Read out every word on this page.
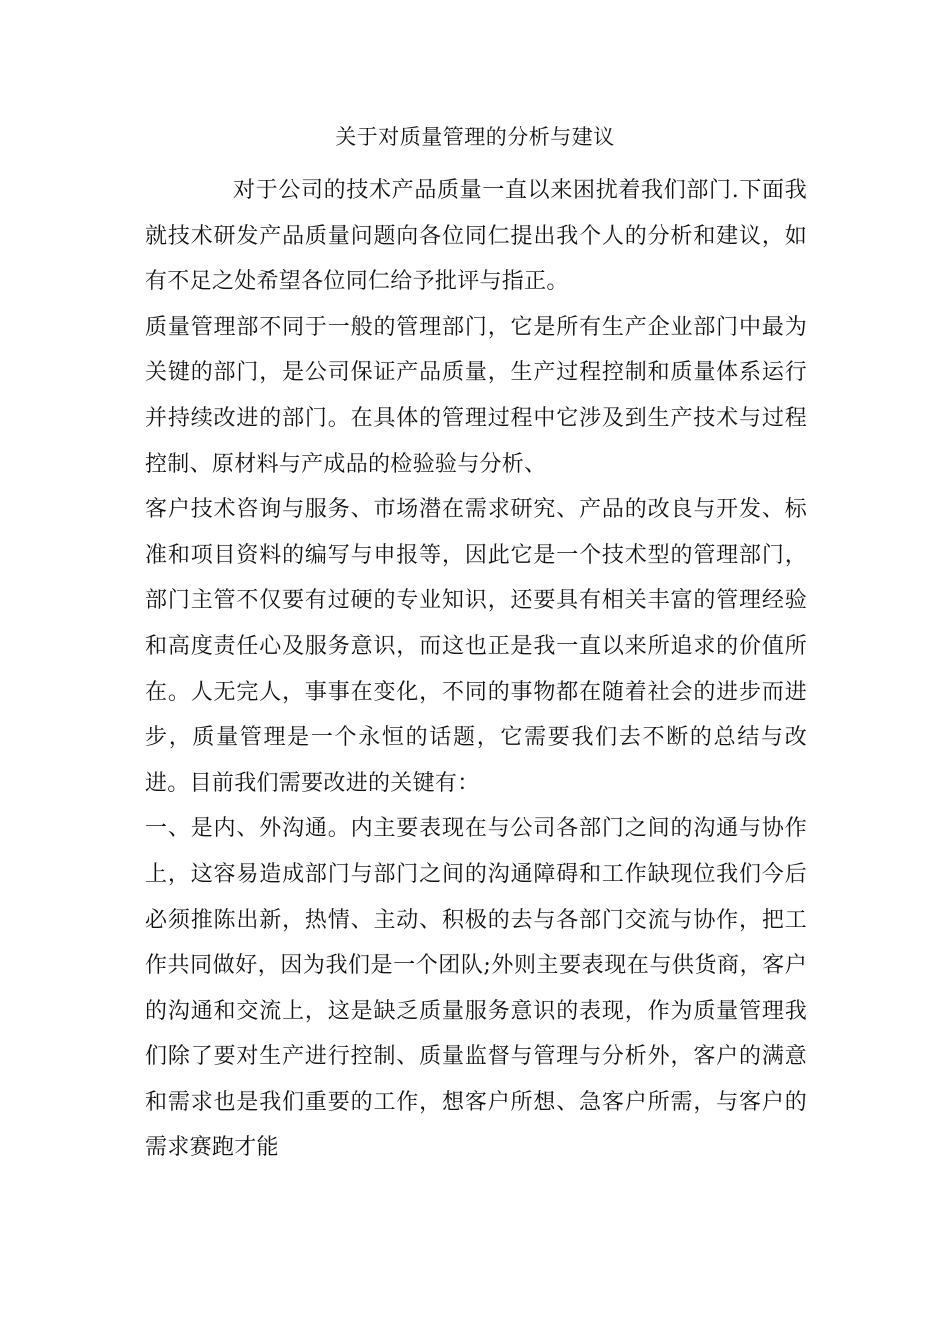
关于对质量管理的分析与建议

对于公司的技术产品质量一直以来困扰着我们部门.下面我就技术研发产品质量问题向各位同仁提出我个人的分析和建议，如有不足之处希望各位同仁给予批评与指正。

质量管理部不同于一般的管理部门，它是所有生产企业部门中最为关键的部门，是公司保证产品质量，生产过程控制和质量体系运行并持续改进的部门。在具体的管理过程中它涉及到生产技术与过程控制、原材料与产成品的检验验与分析、

客户技术咨询与服务、市场潜在需求研究、产品的改良与开发、标准和项目资料的编写与申报等，因此它是一个技术型的管理部门，部门主管不仅要有过硬的专业知识，还要具有相关丰富的管理经验和高度责任心及服务意识，而这也正是我一直以来所追求的价值所在。人无完人，事事在变化，不同的事物都在随着社会的进步而进步，质量管理是一个永恒的话题，它需要我们去不断的总结与改进。目前我们需要改进的关键有：

一、是内、外沟通。内主要表现在与公司各部门之间的沟通与协作上，这容易造成部门与部门之间的沟通障碍和工作缺现位我们今后必须推陈出新，热情、主动、积极的去与各部门交流与协作，把工作共同做好，因为我们是一个团队;外则主要表现在与供货商，客户的沟通和交流上，这是缺乏质量服务意识的表现，作为质量管理我们除了要对生产进行控制、质量监督与管理与分析外，客户的满意和需求也是我们重要的工作，想客户所想、急客户所需，与客户的需求赛跑才能
